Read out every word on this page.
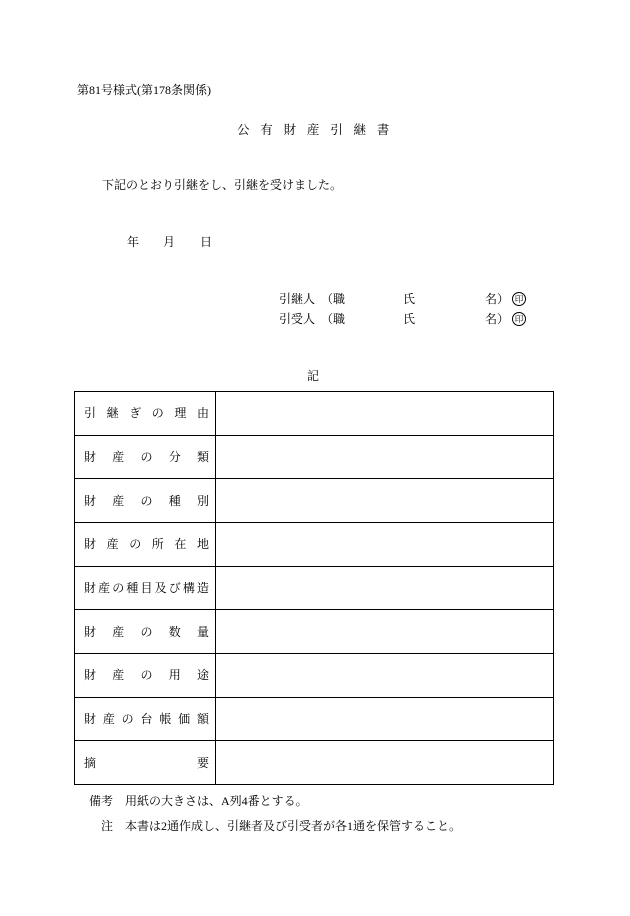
第81号様式(第178条関係)
公有財産引継書
下記のとおり引継をし、引継を受けました。
年 月 日
引継人 （職	氏	名） 印
引受人 （職	氏	名） 印
記
引継ぎの理由
財産の分類
財産の種別
財産の所在地
財産の種目及び構造
財産の数量
財産の用途
財産の台帳価額
摘要
備考 用紙の大きさは、A列4番とする。
注 本書は2通作成し、引継者及び引受者が各1通を保管すること。
